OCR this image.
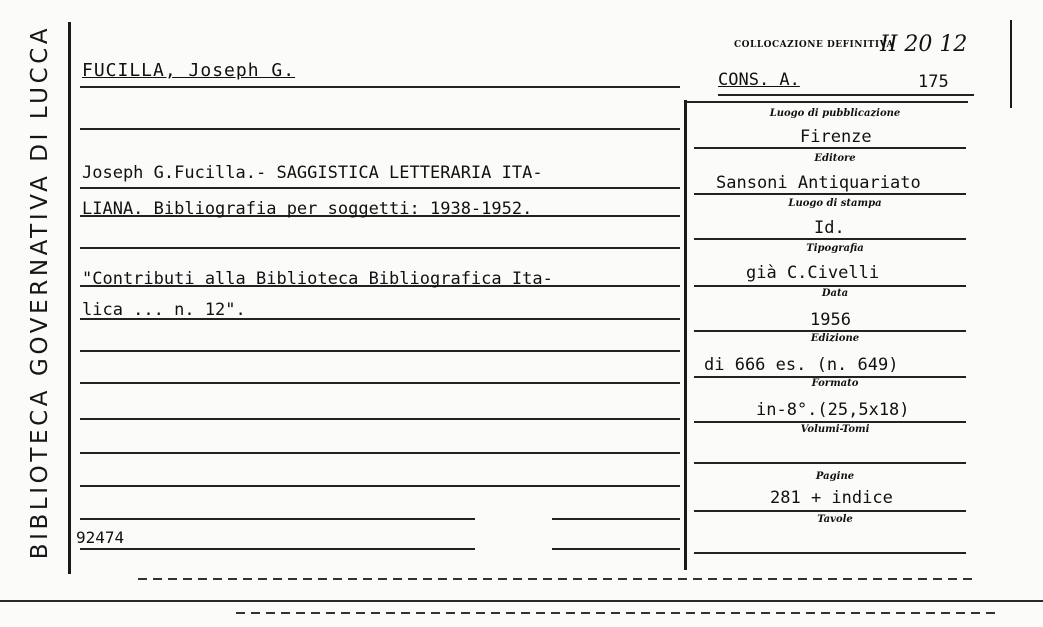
BIBLIOTECA GOVERNATIVA DI LUCCA FUCILLA, Joseph G.
COLLOCAZIONE DEFINITIVA
II 20 12
CONS. A.	175
Joseph G.Fucilla.- SAGGISTICA LETTERARIA ITA-
LIANA. Bibliografia per soggetti: 1938-1952.
"Contributi alla Biblioteca Bibliografica Ita-
lica ... n. 12".
92474
Luogo di pubblicazione
Firenze
Editore
Sansoni Antiquariato
Luogo di stampa
Id.
Tipografia
già C.Civelli
Data
1956
Edizione
di 666 es. (n. 649)
Formato
in-8°.(25,5x18)
Volumi-Tomi
Pagine
281 + indice
Tavole
